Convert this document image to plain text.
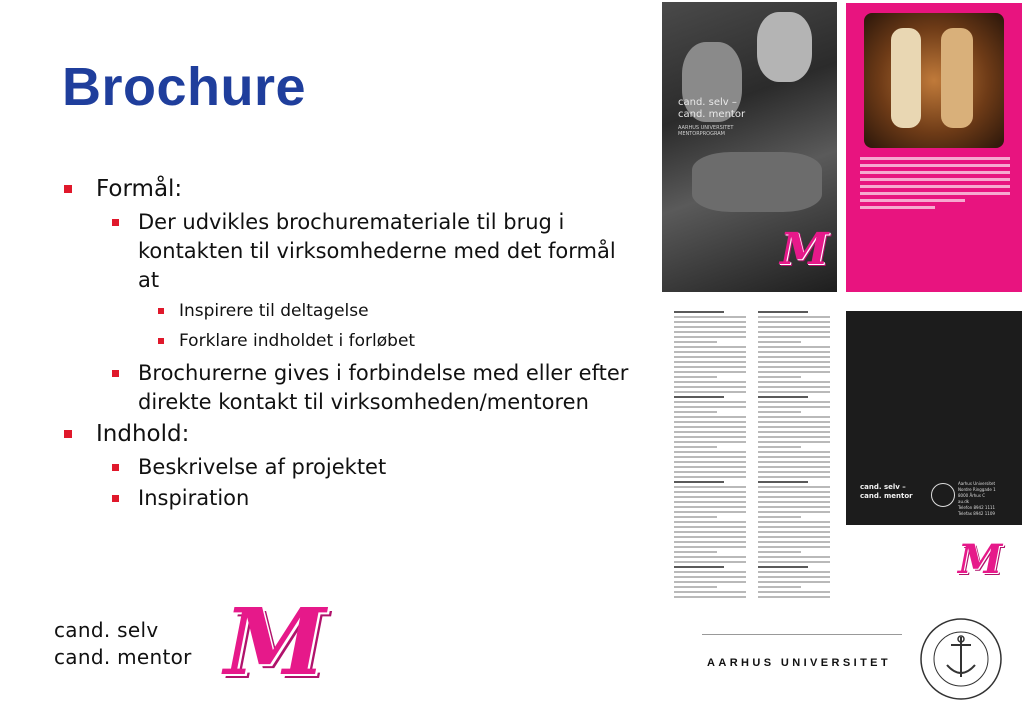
Brochure
Formål:
Der udvikles brochuremateriale til brug i kontakten til virksomhederne med det formål at
Inspirere til deltagelse
Forklare indholdet i forløbet
Brochurerne gives i forbindelse med eller efter direkte kontakt til virksomheden/mentoren
Indhold:
Beskrivelse af projektet
Inspiration
cand. selv –
cand. mentor
AARHUS UNIVERSITET
MENTORPROGRAM
M
cand. selv –
cand. mentor
Aarhus Universitet
Nordre Ringgade 1
8000 Århus C
au.dk
Telefon 8942 1111
Telefax 8942 1109
M
M
cand. selv
cand. mentor	AARHUS UNIVERSITET
